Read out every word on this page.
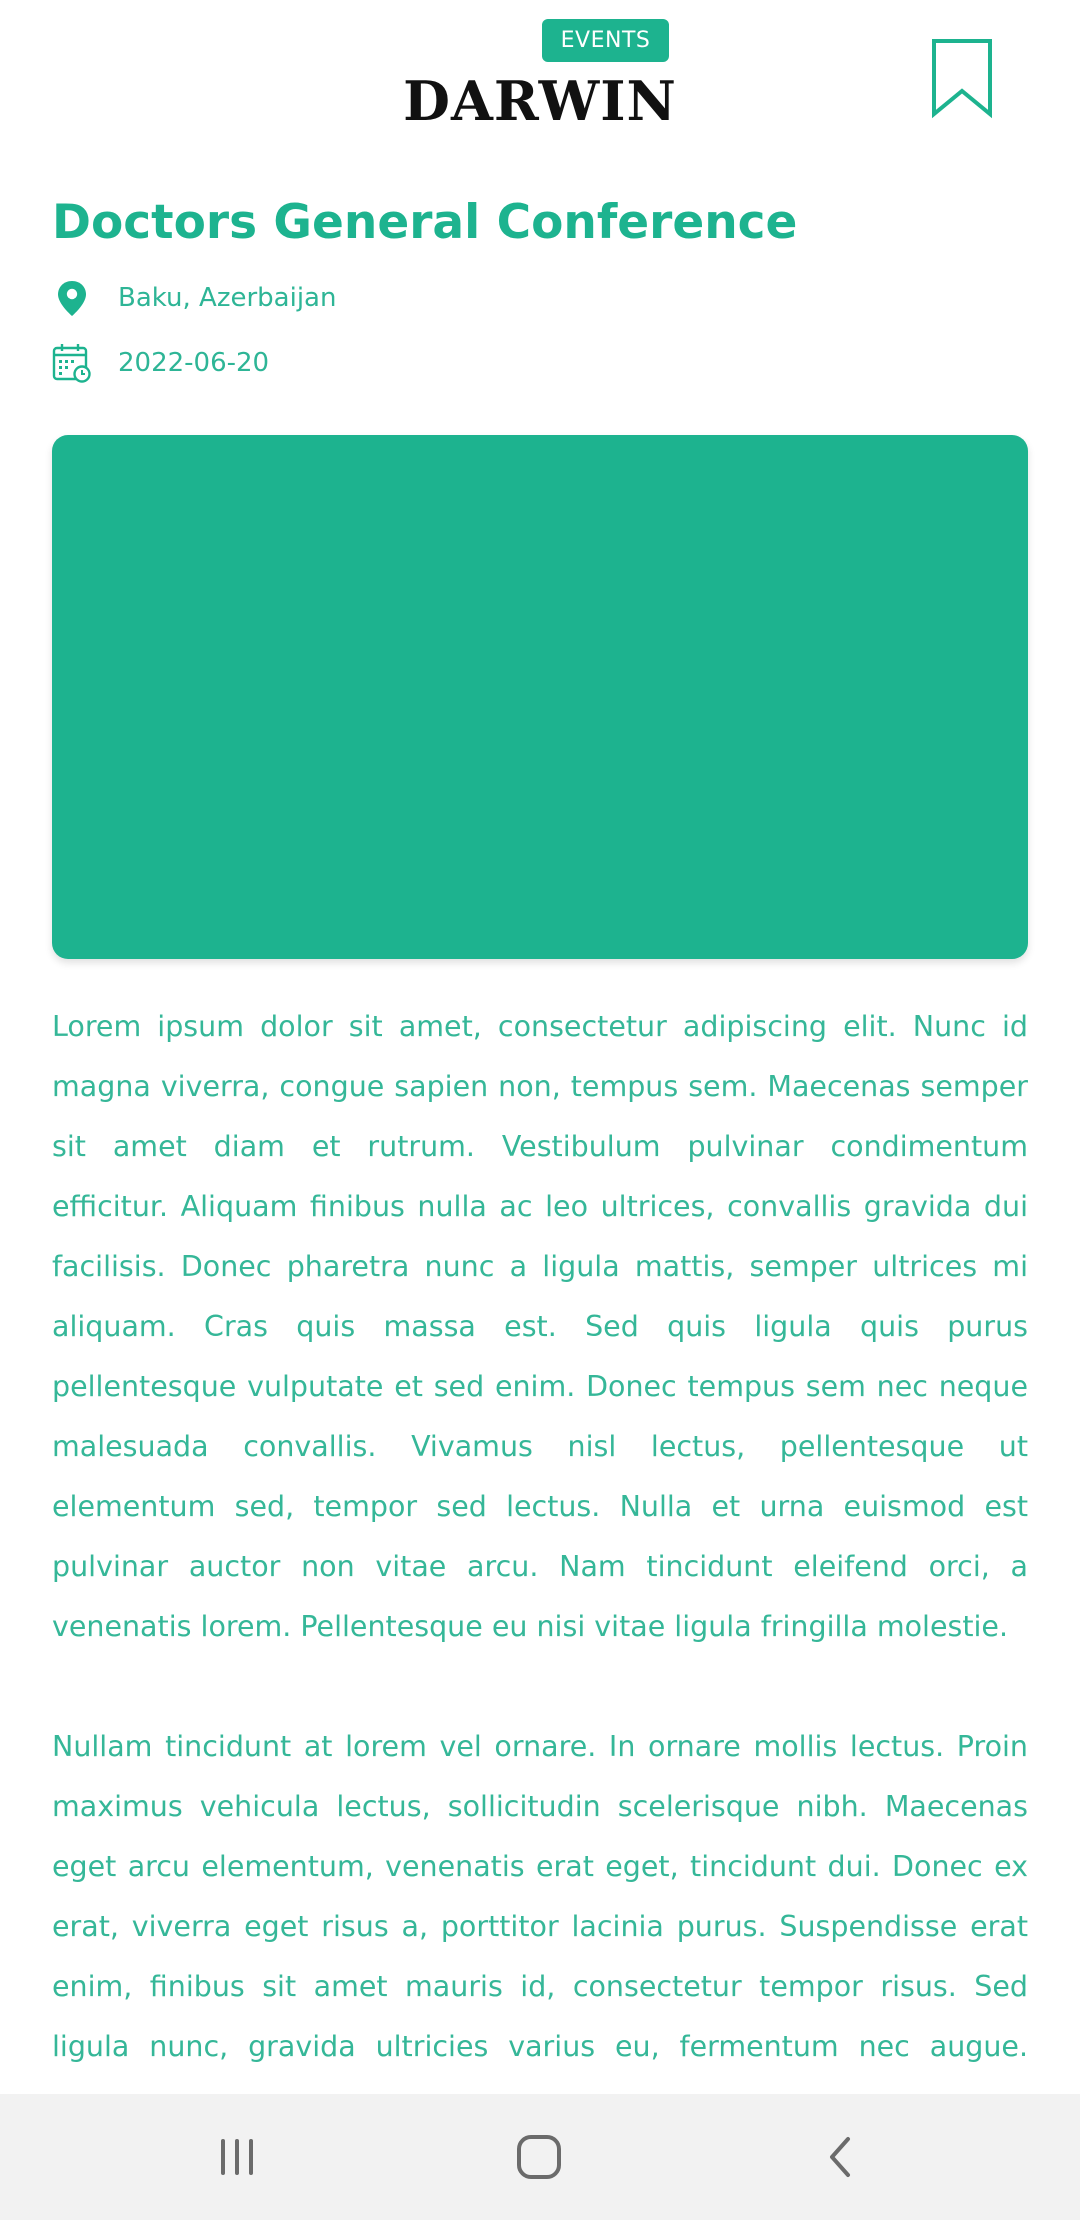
EVENTS
DARWIN
Doctors General Conference
Baku, Azerbaijan
2022-06-20

Lorem ipsum dolor sit amet, consectetur adipiscing elit. Nunc id magna viverra, congue sapien non, tempus sem. Maecenas semper sit amet diam et rutrum. Vestibulum pulvinar condimentum efficitur. Aliquam finibus nulla ac leo ultrices, convallis gravida dui facilisis. Donec pharetra nunc a ligula mattis, semper ultrices mi aliquam. Cras quis massa est. Sed quis ligula quis purus pellentesque vulputate et sed enim. Donec tempus sem nec neque malesuada convallis. Vivamus nisl lectus, pellentesque ut elementum sed, tempor sed lectus. Nulla et urna euismod est pulvinar auctor non vitae arcu. Nam tincidunt eleifend orci, a venenatis lorem. Pellentesque eu nisi vitae ligula fringilla molestie.

Nullam tincidunt at lorem vel ornare. In ornare mollis lectus. Proin maximus vehicula lectus, sollicitudin scelerisque nibh. Maecenas eget arcu elementum, venenatis erat eget, tincidunt dui. Donec ex erat, viverra eget risus a, porttitor lacinia purus. Suspendisse erat enim, finibus sit amet mauris id, consectetur tempor risus. Sed ligula nunc, gravida ultricies varius eu, fermentum nec augue.
